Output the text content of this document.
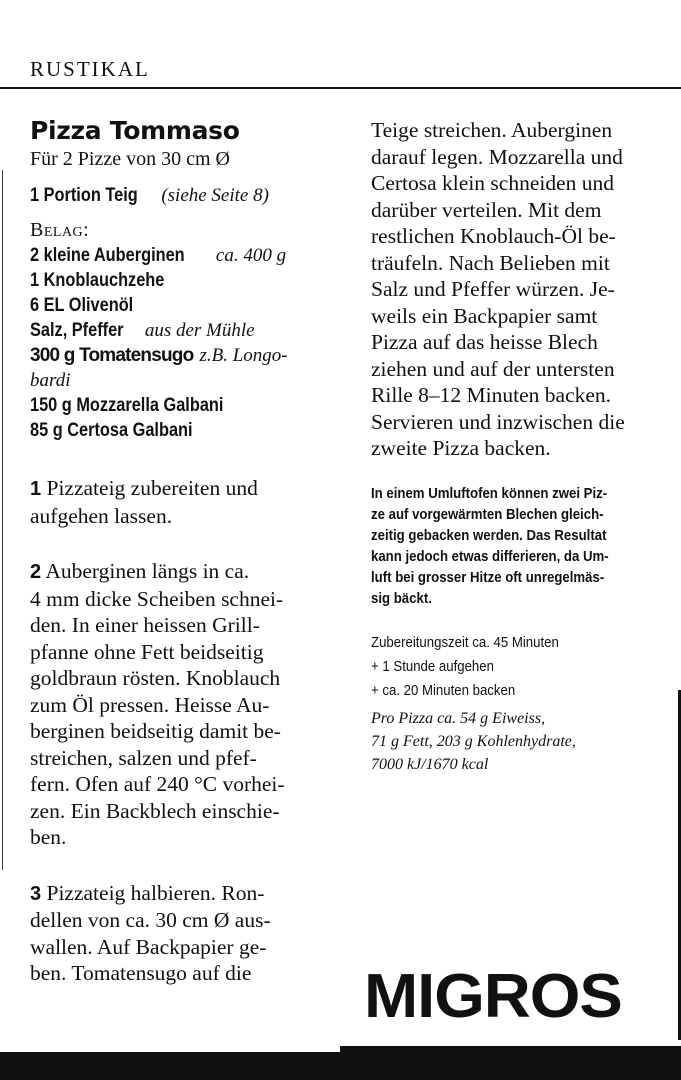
RUSTIKAL
Pizza Tommaso
Für 2 Pizze von 30 cm Ø
1 Portion Teig (siehe Seite 8)
Belag:
2 kleine Auberginen ca. 400 g
1 Knoblauchzehe
6 EL Olivenöl
Salz, Pfeffer aus der Mühle
300 g Tomatensugo z.B. Longo-bardi
150 g Mozzarella Galbani
85 g Certosa Galbani
1 Pizzateig zubereiten und
aufgehen lassen.
2 Auberginen längs in ca.
4 mm dicke Scheiben schnei-
den. In einer heissen Grill-
pfanne ohne Fett beidseitig
goldbraun rösten. Knoblauch
zum Öl pressen. Heisse Au-
berginen beidseitig damit be-
streichen, salzen und pfef-
fern. Ofen auf 240 °C vorhei-
zen. Ein Backblech einschie-
ben.
3 Pizzateig halbieren. Ron-
dellen von ca. 30 cm Ø aus-
wallen. Auf Backpapier ge-
ben. Tomatensugo auf die
Teige streichen. Auberginen
darauf legen. Mozzarella und
Certosa klein schneiden und
darüber verteilen. Mit dem
restlichen Knoblauch-Öl be-
träufeln. Nach Belieben mit
Salz und Pfeffer würzen. Je-
weils ein Backpapier samt
Pizza auf das heisse Blech
ziehen und auf der untersten
Rille 8–12 Minuten backen.
Servieren und inzwischen die
zweite Pizza backen.
In einem Umluftofen können zwei Piz-
ze auf vorgewärmten Blechen gleich-
zeitig gebacken werden. Das Resultat
kann jedoch etwas differieren, da Um-
luft bei grosser Hitze oft unregelmäs-
sig bäckt.
Zubereitungszeit ca. 45 Minuten
+ 1 Stunde aufgehen
+ ca. 20 Minuten backen
Pro Pizza ca. 54 g Eiweiss,
71 g Fett, 203 g Kohlenhydrate,
7000 kJ/1670 kcal
MIGROS
